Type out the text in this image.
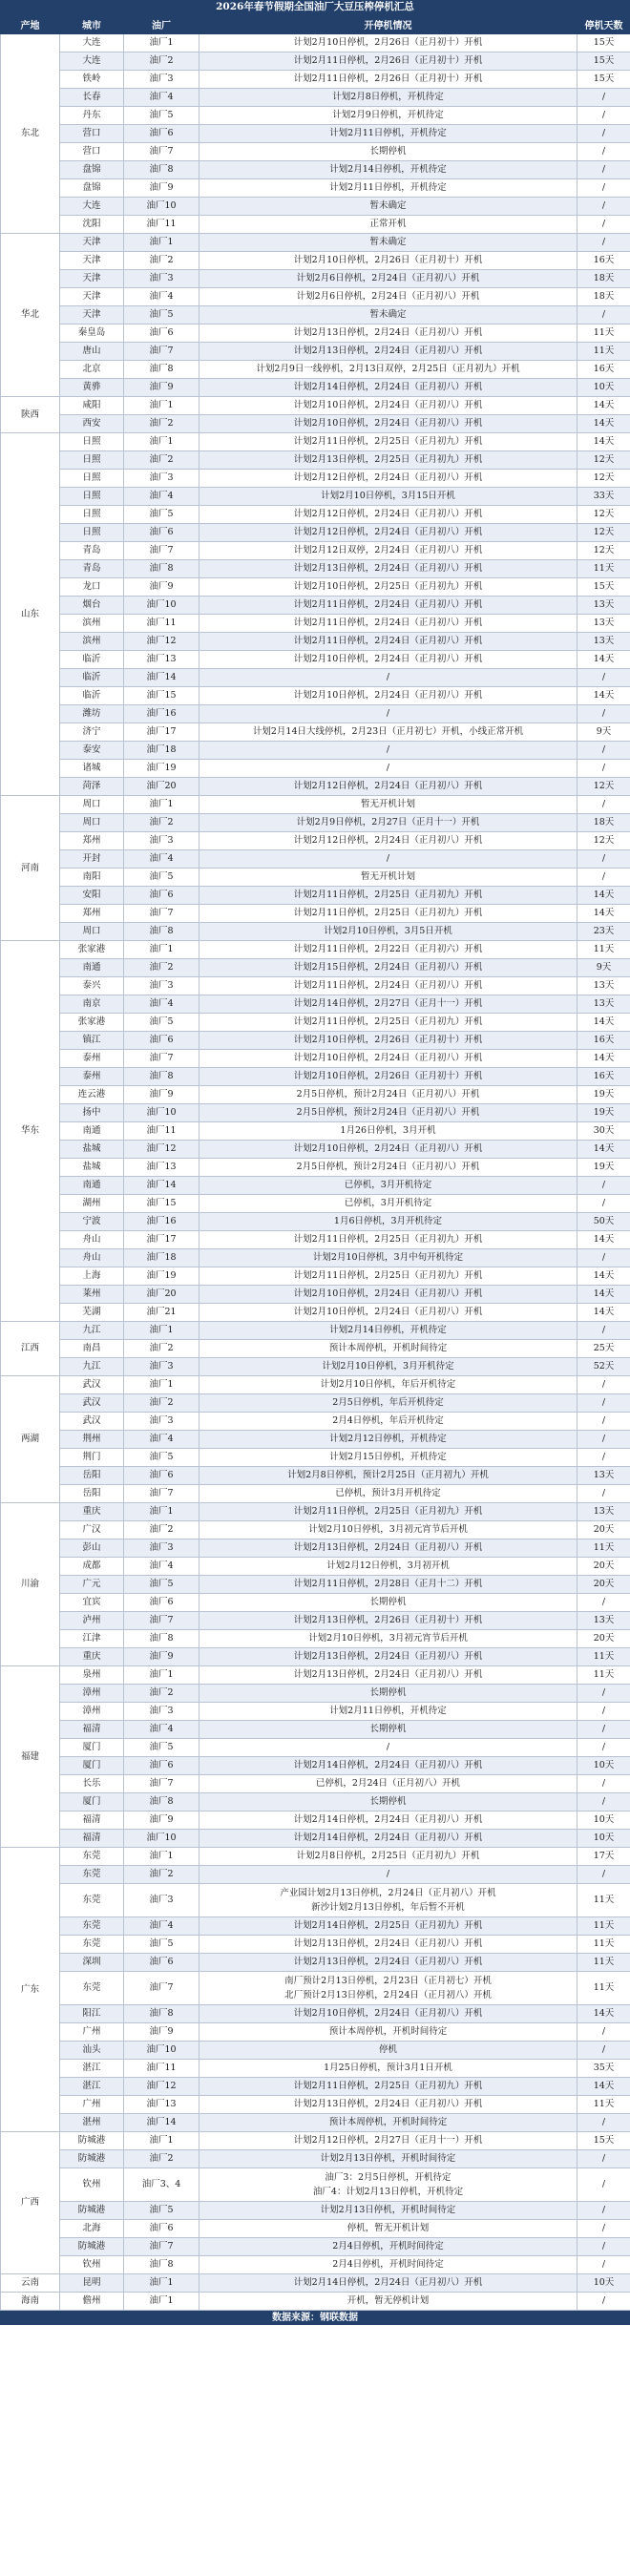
2026年春节假期全国油厂大豆压榨停机汇总
产地	城市	油厂	开停机情况	停机天数
东北	大连	油厂1	计划2月10日停机，2月26日（正月初十）开机	15天
	大连	油厂2	计划2月11日停机，2月26日（正月初十）开机	15天
	铁岭	油厂3	计划2月11日停机，2月26日（正月初十）开机	15天
	长春	油厂4	计划2月8日停机，开机待定	/
	丹东	油厂5	计划2月9日停机，开机待定	/
	营口	油厂6	计划2月11日停机，开机待定	/
	营口	油厂7	长期停机	/
	盘锦	油厂8	计划2月14日停机，开机待定	/
	盘锦	油厂9	计划2月11日停机，开机待定	/
	大连	油厂10	暂未确定	/
	沈阳	油厂11	正常开机	/
华北	天津	油厂1	暂未确定	/
	天津	油厂2	计划2月10日停机，2月26日（正月初十）开机	16天
	天津	油厂3	计划2月6日停机，2月24日（正月初八）开机	18天
	天津	油厂4	计划2月6日停机，2月24日（正月初八）开机	18天
	天津	油厂5	暂未确定	/
	秦皇岛	油厂6	计划2月13日停机，2月24日（正月初八）开机	11天
	唐山	油厂7	计划2月13日停机，2月24日（正月初八）开机	11天
	北京	油厂8	计划2月9日一线停机，2月13日双停，2月25日（正月初九）开机	16天
	黄骅	油厂9	计划2月14日停机，2月24日（正月初八）开机	10天
陕西	咸阳	油厂1	计划2月10日停机，2月24日（正月初八）开机	14天
	西安	油厂2	计划2月10日停机，2月24日（正月初八）开机	14天
山东	日照	油厂1	计划2月11日停机，2月25日（正月初九）开机	14天
	日照	油厂2	计划2月13日停机，2月25日（正月初九）开机	12天
	日照	油厂3	计划2月12日停机，2月24日（正月初八）开机	12天
	日照	油厂4	计划2月10日停机，3月15日开机	33天
	日照	油厂5	计划2月12日停机，2月24日（正月初八）开机	12天
	日照	油厂6	计划2月12日停机，2月24日（正月初八）开机	12天
	青岛	油厂7	计划2月12日双停，2月24日（正月初八）开机	12天
	青岛	油厂8	计划2月13日停机，2月24日（正月初八）开机	11天
	龙口	油厂9	计划2月10日停机，2月25日（正月初九）开机	15天
	烟台	油厂10	计划2月11日停机，2月24日（正月初八）开机	13天
	滨州	油厂11	计划2月11日停机，2月24日（正月初八）开机	13天
	滨州	油厂12	计划2月11日停机，2月24日（正月初八）开机	13天
	临沂	油厂13	计划2月10日停机，2月24日（正月初八）开机	14天
	临沂	油厂14	/	/
	临沂	油厂15	计划2月10日停机，2月24日（正月初八）开机	14天
	潍坊	油厂16	/	/
	济宁	油厂17	计划2月14日大线停机，2月23日（正月初七）开机，小线正常开机	9天
	泰安	油厂18	/	/
	诸城	油厂19	/	/
	菏泽	油厂20	计划2月12日停机，2月24日（正月初八）开机	12天
河南	周口	油厂1	暂无开机计划	/
	周口	油厂2	计划2月9日停机，2月27日（正月十一）开机	18天
	郑州	油厂3	计划2月12日停机，2月24日（正月初八）开机	12天
	开封	油厂4	/	/
	南阳	油厂5	暂无开机计划	/
	安阳	油厂6	计划2月11日停机，2月25日（正月初九）开机	14天
	郑州	油厂7	计划2月11日停机，2月25日（正月初九）开机	14天
	周口	油厂8	计划2月10日停机，3月5日开机	23天
华东	张家港	油厂1	计划2月11日停机，2月22日（正月初六）开机	11天
	南通	油厂2	计划2月15日停机，2月24日（正月初八）开机	9天
	泰兴	油厂3	计划2月11日停机，2月24日（正月初八）开机	13天
	南京	油厂4	计划2月14日停机，2月27日（正月十一）开机	13天
	张家港	油厂5	计划2月11日停机，2月25日（正月初九）开机	14天
	镇江	油厂6	计划2月10日停机，2月26日（正月初十）开机	16天
	泰州	油厂7	计划2月10日停机，2月24日（正月初八）开机	14天
	泰州	油厂8	计划2月10日停机，2月26日（正月初十）开机	16天
	连云港	油厂9	2月5日停机，预计2月24日（正月初八）开机	19天
	扬中	油厂10	2月5日停机，预计2月24日（正月初八）开机	19天
	南通	油厂11	1月26日停机，3月开机	30天
	盐城	油厂12	计划2月10日停机，2月24日（正月初八）开机	14天
	盐城	油厂13	2月5日停机，预计2月24日（正月初八）开机	19天
	南通	油厂14	已停机，3月开机待定	/
	湖州	油厂15	已停机，3月开机待定	/
	宁波	油厂16	1月6日停机，3月开机待定	50天
	舟山	油厂17	计划2月11日停机，2月25日（正月初九）开机	14天
	舟山	油厂18	计划2月10日停机，3月中旬开机待定	/
	上海	油厂19	计划2月11日停机，2月25日（正月初九）开机	14天
	莱州	油厂20	计划2月10日停机，2月24日（正月初八）开机	14天
	芜湖	油厂21	计划2月10日停机，2月24日（正月初八）开机	14天
江西	九江	油厂1	计划2月14日停机，开机待定	/
	南昌	油厂2	预计本周停机，开机时间待定	25天
	九江	油厂3	计划2月10日停机，3月开机待定	52天
两湖	武汉	油厂1	计划2月10日停机，年后开机待定	/
	武汉	油厂2	2月5日停机，年后开机待定	/
	武汉	油厂3	2月4日停机，年后开机待定	/
	荆州	油厂4	计划2月12日停机，开机待定	/
	荆门	油厂5	计划2月15日停机，开机待定	/
	岳阳	油厂6	计划2月8日停机，预计2月25日（正月初九）开机	13天
	岳阳	油厂7	已停机，预计3月开机待定	/
川渝	重庆	油厂1	计划2月11日停机，2月25日（正月初九）开机	13天
	广汉	油厂2	计划2月10日停机，3月初元宵节后开机	20天
	彭山	油厂3	计划2月13日停机，2月24日（正月初八）开机	11天
	成都	油厂4	计划2月12日停机，3月初开机	20天
	广元	油厂5	计划2月11日停机，2月28日（正月十二）开机	20天
	宜宾	油厂6	长期停机	/
	泸州	油厂7	计划2月13日停机，2月26日（正月初十）开机	13天
	江津	油厂8	计划2月10日停机，3月初元宵节后开机	20天
	重庆	油厂9	计划2月13日停机，2月24日（正月初八）开机	11天
福建	泉州	油厂1	计划2月13日停机，2月24日（正月初八）开机	11天
	漳州	油厂2	长期停机	/
	漳州	油厂3	计划2月11日停机，开机待定	/
	福清	油厂4	长期停机	/
	厦门	油厂5	/	/
	厦门	油厂6	计划2月14日停机，2月24日（正月初八）开机	10天
	长乐	油厂7	已停机，2月24日（正月初八）开机	/
	厦门	油厂8	长期停机	/
	福清	油厂9	计划2月14日停机，2月24日（正月初八）开机	10天
	福清	油厂10	计划2月14日停机，2月24日（正月初八）开机	10天
广东	东莞	油厂1	计划2月8日停机，2月25日（正月初九）开机	17天
	东莞	油厂2	/	/
	东莞	油厂3	产业园计划2月13日停机，2月24日（正月初八）开机
新沙计划2月13日停机，年后暂不开机	11天
	东莞	油厂4	计划2月14日停机，2月25日（正月初九）开机	11天
	东莞	油厂5	计划2月13日停机，2月24日（正月初八）开机	11天
	深圳	油厂6	计划2月13日停机，2月24日（正月初八）开机	11天
	东莞	油厂7	南厂预计2月13日停机，2月23日（正月初七）开机
北厂预计2月13日停机，2月24日（正月初八）开机	11天
	阳江	油厂8	计划2月10日停机，2月24日（正月初八）开机	14天
	广州	油厂9	预计本周停机，开机时间待定	/
	汕头	油厂10	停机	/
	湛江	油厂11	1月25日停机，预计3月1日开机	35天
	湛江	油厂12	计划2月11日停机，2月25日（正月初九）开机	14天
	广州	油厂13	计划2月13日停机，2月24日（正月初八）开机	11天
	湛州	油厂14	预计本周停机，开机时间待定	/
广西	防城港	油厂1	计划2月12日停机，2月27日（正月十一）开机	15天
	防城港	油厂2	计划2月13日停机，开机时间待定	/
	钦州	油厂3、4	油厂3：2月5日停机，开机待定
油厂4：计划2月13日停机，开机待定	/
	防城港	油厂5	计划2月13日停机，开机时间待定	/
	北海	油厂6	停机，暂无开机计划	/
	防城港	油厂7	2月4日停机，开机时间待定	/
	钦州	油厂8	2月4日停机，开机时间待定	/
云南	昆明	油厂1	计划2月14日停机，2月24日（正月初八）开机	10天
海南	儋州	油厂1	开机，暂无停机计划	/
数据来源：钢联数据
